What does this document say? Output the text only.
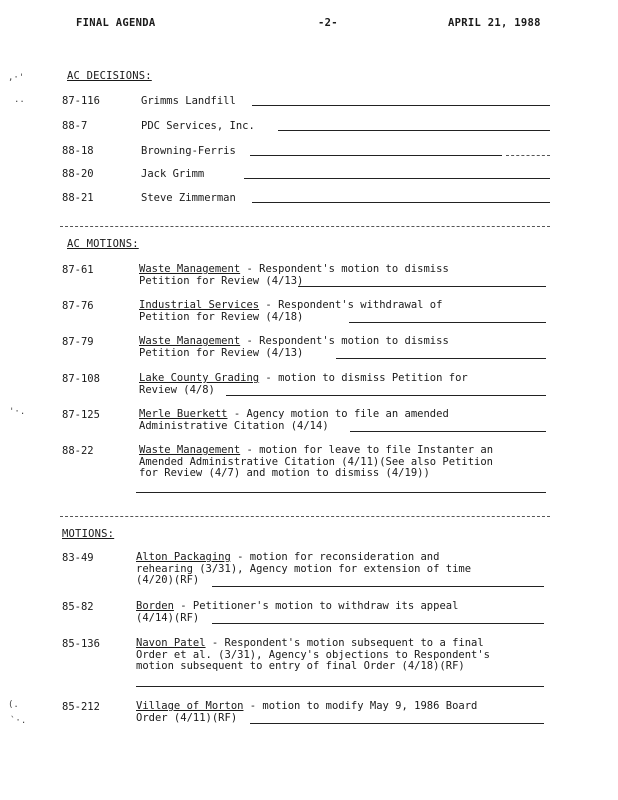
FINAL AGENDA	-2-	APRIL 21, 1988
,·'
..
'·.
(.
`·.
AC DECISIONS:
87-116	Grimms Landfill
88-7	PDC Services, Inc.
88-18	Browning-Ferris
88-20	Jack Grimm
88-21	Steve Zimmerman
AC MOTIONS:
87-61	Waste Management - Respondent's motion to dismiss
Petition for Review (4/13)
87-76	Industrial Services - Respondent's withdrawal of
Petition for Review (4/18)
87-79	Waste Management - Respondent's motion to dismiss
Petition for Review (4/13)
87-108	Lake County Grading - motion to dismiss Petition for
Review (4/8)
87-125	Merle Buerkett - Agency motion to file an amended
Administrative Citation (4/14)
88-22	Waste Management - motion for leave to file Instanter an
Amended Administrative Citation (4/11)(See also Petition
for Review (4/7) and motion to dismiss (4/19))
MOTIONS:
83-49	Alton Packaging - motion for reconsideration and
rehearing (3/31), Agency motion for extension of time
(4/20)(RF)
85-82	Borden - Petitioner's motion to withdraw its appeal
(4/14)(RF)
85-136	Navon Patel - Respondent's motion subsequent to a final
Order et al. (3/31), Agency's objections to Respondent's
motion subsequent to entry of final Order (4/18)(RF)
85-212	Village of Morton - motion to modify May 9, 1986 Board
Order (4/11)(RF)
